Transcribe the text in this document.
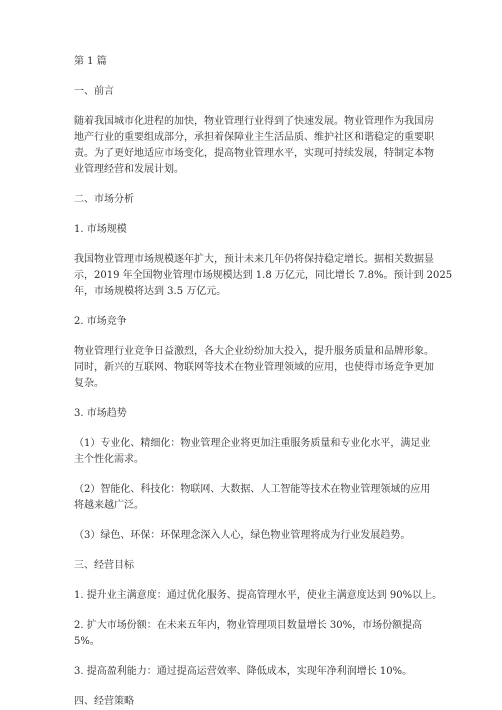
第 1 篇
一、前言
随着我国城市化进程的加快，物业管理行业得到了快速发展。物业管理作为我国房
地产行业的重要组成部分，承担着保障业主生活品质、维护社区和谐稳定的重要职
责。为了更好地适应市场变化，提高物业管理水平，实现可持续发展，特制定本物
业管理经营和发展计划。
二、市场分析
1. 市场规模
我国物业管理市场规模逐年扩大，预计未来几年仍将保持稳定增长。据相关数据显
示，2019 年全国物业管理市场规模达到 1.8 万亿元，同比增长 7.8%。预计到 2025
年，市场规模将达到 3.5 万亿元。
2. 市场竞争
物业管理行业竞争日益激烈，各大企业纷纷加大投入，提升服务质量和品牌形象。
同时，新兴的互联网、物联网等技术在物业管理领域的应用，也使得市场竞争更加
复杂。
3. 市场趋势
（1）专业化、精细化：物业管理企业将更加注重服务质量和专业化水平，满足业
主个性化需求。
（2）智能化、科技化：物联网、大数据、人工智能等技术在物业管理领域的应用
将越来越广泛。
（3）绿色、环保：环保理念深入人心，绿色物业管理将成为行业发展趋势。
三、经营目标
1. 提升业主满意度：通过优化服务、提高管理水平，使业主满意度达到 90%以上。
2. 扩大市场份额：在未来五年内，物业管理项目数量增长 30%，市场份额提高 5%。
3. 提高盈利能力：通过提高运营效率、降低成本，实现年净利润增长 10%。
四、经营策略
